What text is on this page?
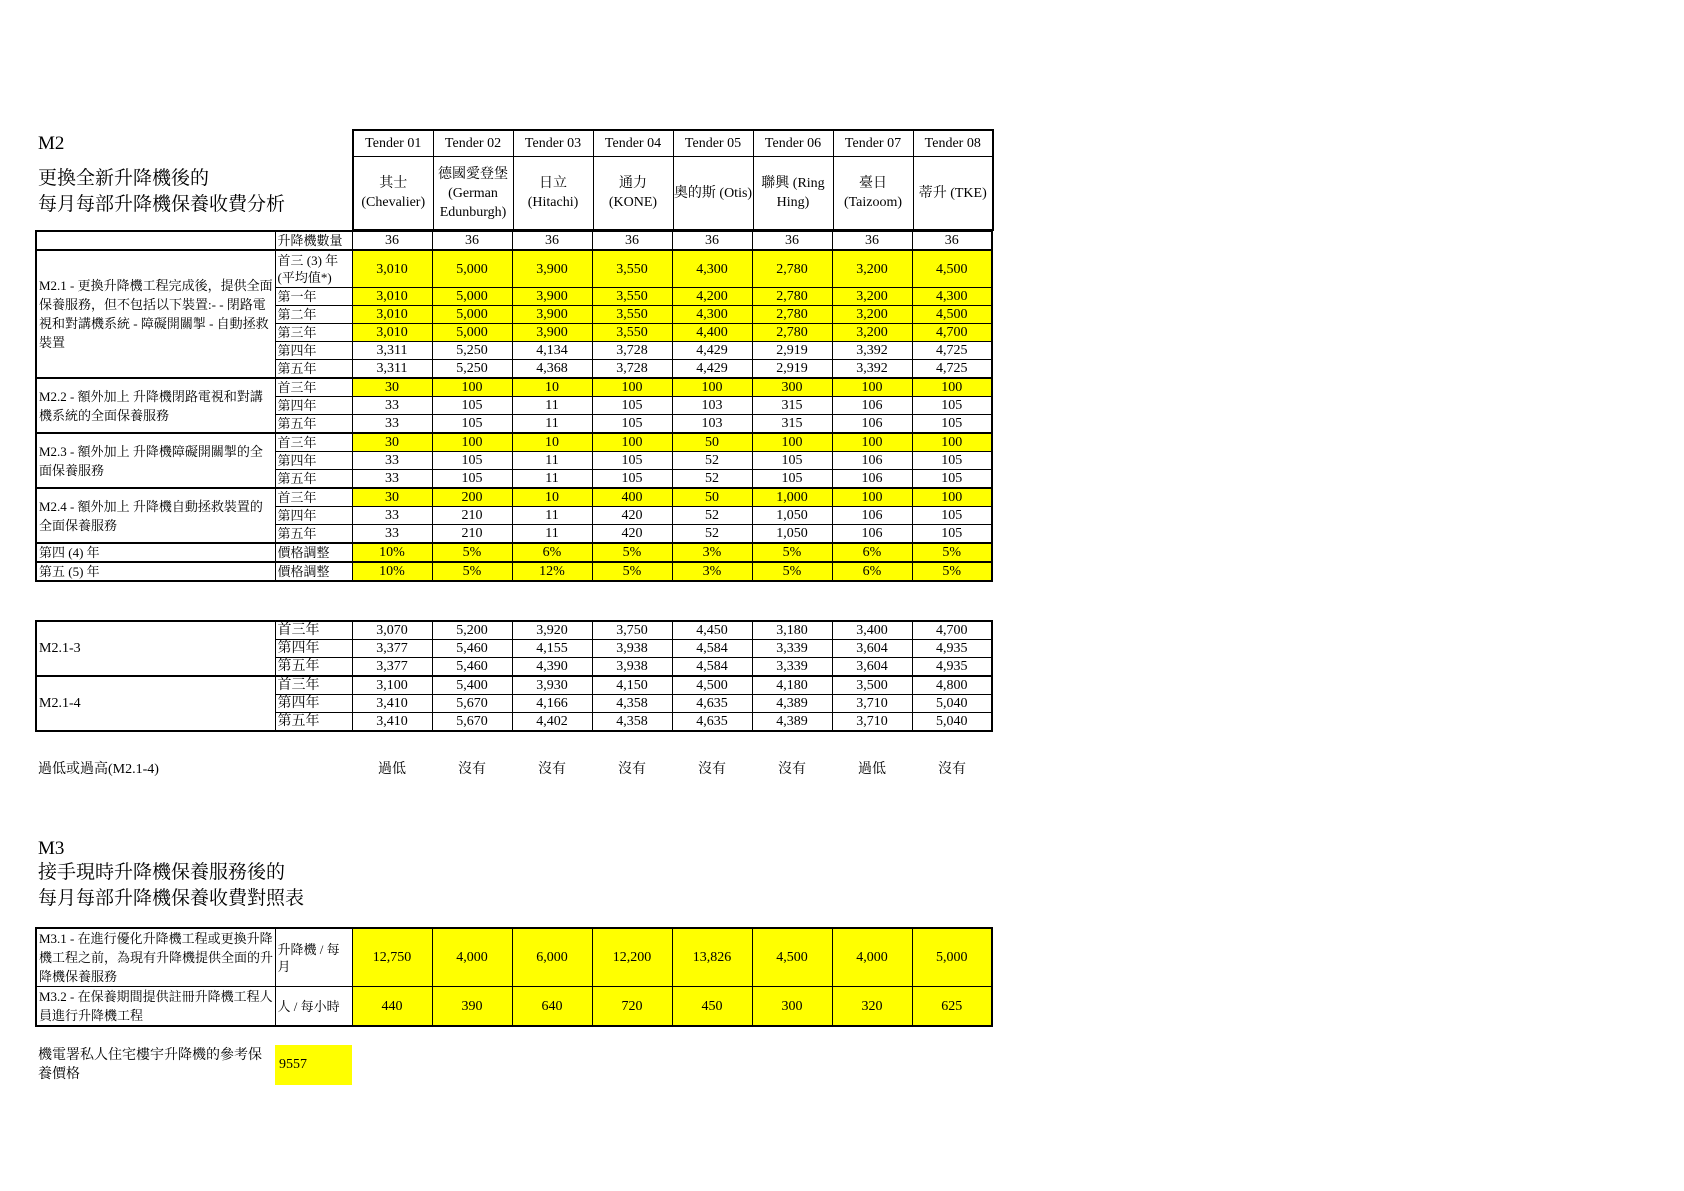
M2
更換全新升降機後的
每月每部升降機保養收費分析
Tender 01	Tender 02	Tender 03	Tender 04	Tender 05	Tender 06	Tender 07	Tender 08
其士 (Chevalier)	德國愛登堡 (German Edunburgh)	日立 (Hitachi)	通力 (KONE)	奧的斯 (Otis)	聯興 (Ring Hing)	臺日 (Taizoom)	蒂升 (TKE)
	升降機數量	36	36	36	36	36	36	36	36
M2.1 - 更換升降機工程完成後，提供全面保養服務，但不包括以下裝置:- - 閉路電視和對講機系統 - 障礙開關掣 - 自動拯救裝置	首三 (3) 年 (平均值*)	3,010	5,000	3,900	3,550	4,300	2,780	3,200	4,500
	第一年	3,010	5,000	3,900	3,550	4,200	2,780	3,200	4,300
	第二年	3,010	5,000	3,900	3,550	4,300	2,780	3,200	4,500
	第三年	3,010	5,000	3,900	3,550	4,400	2,780	3,200	4,700
	第四年	3,311	5,250	4,134	3,728	4,429	2,919	3,392	4,725
	第五年	3,311	5,250	4,368	3,728	4,429	2,919	3,392	4,725
M2.2 - 額外加上 升降機閉路電視和對講機系統的全面保養服務	首三年	30	100	10	100	100	300	100	100
	第四年	33	105	11	105	103	315	106	105
	第五年	33	105	11	105	103	315	106	105
M2.3 - 額外加上 升降機障礙開關掣的全面保養服務	首三年	30	100	10	100	50	100	100	100
	第四年	33	105	11	105	52	105	106	105
	第五年	33	105	11	105	52	105	106	105
M2.4 - 額外加上 升降機自動拯救裝置的全面保養服務	首三年	30	200	10	400	50	1,000	100	100
	第四年	33	210	11	420	52	1,050	106	105
	第五年	33	210	11	420	52	1,050	106	105
第四 (4) 年	價格調整	10%	5%	6%	5%	3%	5%	6%	5%
第五 (5) 年	價格調整	10%	5%	12%	5%	3%	5%	6%	5%
M2.1-3	首三年	3,070	5,200	3,920	3,750	4,450	3,180	3,400	4,700
	第四年	3,377	5,460	4,155	3,938	4,584	3,339	3,604	4,935
	第五年	3,377	5,460	4,390	3,938	4,584	3,339	3,604	4,935
M2.1-4	首三年	3,100	5,400	3,930	4,150	4,500	4,180	3,500	4,800
	第四年	3,410	5,670	4,166	4,358	4,635	4,389	3,710	5,040
	第五年	3,410	5,670	4,402	4,358	4,635	4,389	3,710	5,040
過低或過高(M2.1-4)	過低	沒有	沒有	沒有	沒有	沒有	過低	沒有
M3
接手現時升降機保養服務後的
每月每部升降機保養收費對照表
M3.1 - 在進行優化升降機工程或更換升降機工程之前，為現有升降機提供全面的升降機保養服務	升降機 / 每月	12,750	4,000	6,000	12,200	13,826	4,500	4,000	5,000
M3.2 - 在保養期間提供註冊升降機工程人員進行升降機工程	人 / 每小時	440	390	640	720	450	300	320	625
機電署私人住宅樓宇升降機的參考保養價格
9557
